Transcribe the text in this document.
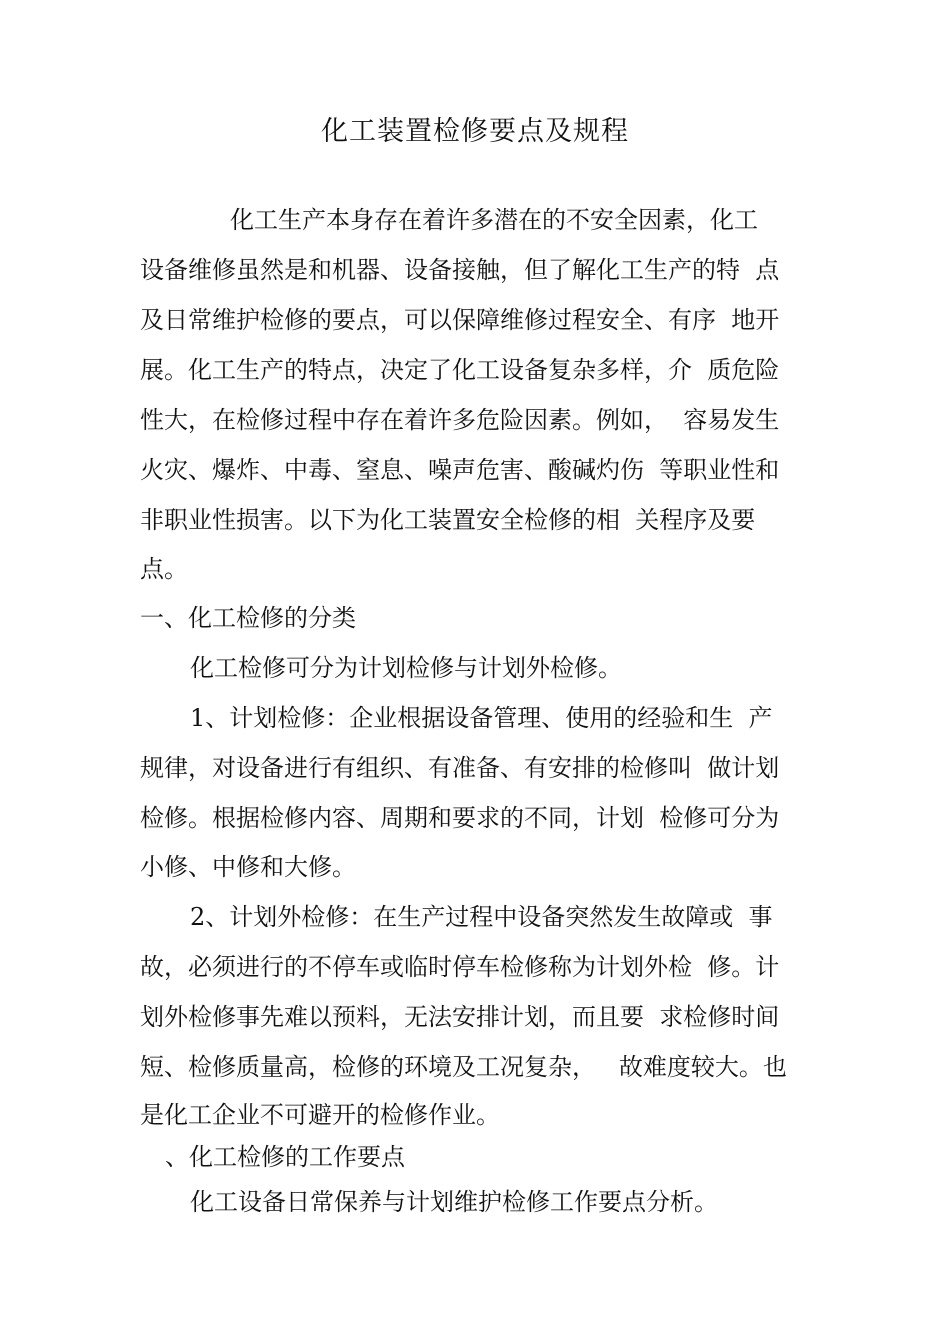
化工装置检修要点及规程
化工生产本身存在着许多潜在的不安全因素，化工
设备维修虽然是和机器、设备接触，但了解化工生产的特  点
及日常维护检修的要点，可以保障维修过程安全、有序  地开
展。化工生产的特点，决定了化工设备复杂多样，介  质危险
性大，在检修过程中存在着许多危险因素。例如，  容易发生
火灾、爆炸、中毒、窒息、噪声危害、酸碱灼伤  等职业性和
非职业性损害。以下为化工装置安全检修的相  关程序及要
点。
一、化工检修的分类
化工检修可分为计划检修与计划外检修。
1、计划检修：企业根据设备管理、使用的经验和生  产
规律，对设备进行有组织、有准备、有安排的检修叫  做计划
检修。根据检修内容、周期和要求的不同，计划  检修可分为
小修、中修和大修。
2、计划外检修：在生产过程中设备突然发生故障或  事
故，必须进行的不停车或临时停车检修称为计划外检  修。计
划外检修事先难以预料，无法安排计划，而且要  求检修时间
短、检修质量高，检修的环境及工况复杂，   故难度较大。也
是化工企业不可避开的检修作业。
、化工检修的工作要点
化工设备日常保养与计划维护检修工作要点分析。
